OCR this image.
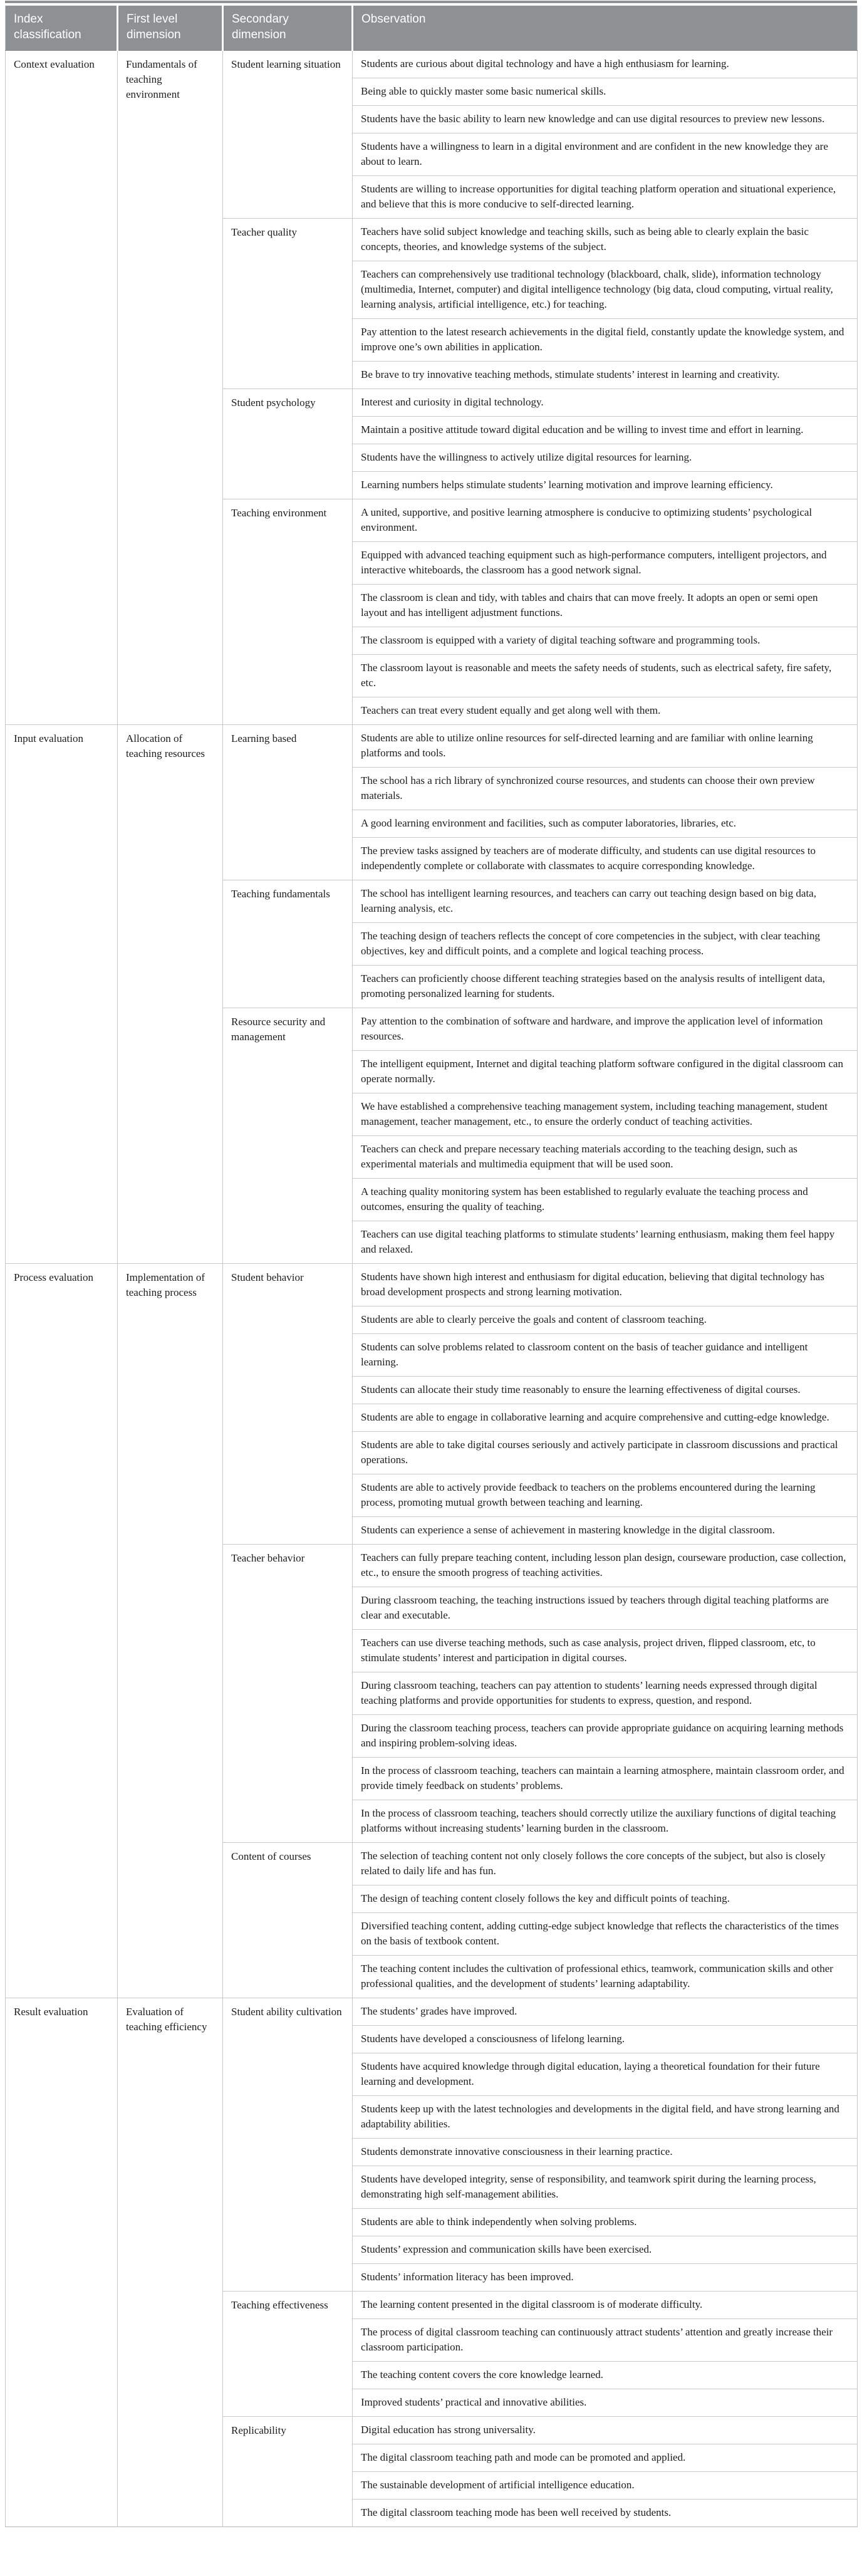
Index classification	First level dimension	Secondary dimension	Observation
Context evaluation	Fundamentals of teaching environment	Student learning situation	Students are curious about digital technology and have a high enthusiasm for learning.
			Being able to quickly master some basic numerical skills.
			Students have the basic ability to learn new knowledge and can use digital resources to preview new lessons.
			Students have a willingness to learn in a digital environment and are confident in the new knowledge they are about to learn.
			Students are willing to increase opportunities for digital teaching platform operation and situational experience, and believe that this is more conducive to self-directed learning.
		Teacher quality	Teachers have solid subject knowledge and teaching skills, such as being able to clearly explain the basic concepts, theories, and knowledge systems of the subject.
			Teachers can comprehensively use traditional technology (blackboard, chalk, slide), information technology (multimedia, Internet, computer) and digital intelligence technology (big data, cloud computing, virtual reality, learning analysis, artificial intelligence, etc.) for teaching.
			Pay attention to the latest research achievements in the digital field, constantly update the knowledge system, and improve one’s own abilities in application.
			Be brave to try innovative teaching methods, stimulate students’ interest in learning and creativity.
		Student psychology	Interest and curiosity in digital technology.
			Maintain a positive attitude toward digital education and be willing to invest time and effort in learning.
			Students have the willingness to actively utilize digital resources for learning.
			Learning numbers helps stimulate students’ learning motivation and improve learning efficiency.
		Teaching environment	A united, supportive, and positive learning atmosphere is conducive to optimizing students’ psychological environment.
			Equipped with advanced teaching equipment such as high-performance computers, intelligent projectors, and interactive whiteboards, the classroom has a good network signal.
			The classroom is clean and tidy, with tables and chairs that can move freely. It adopts an open or semi open layout and has intelligent adjustment functions.
			The classroom is equipped with a variety of digital teaching software and programming tools.
			The classroom layout is reasonable and meets the safety needs of students, such as electrical safety, fire safety, etc.
			Teachers can treat every student equally and get along well with them.
Input evaluation	Allocation of teaching resources	Learning based	Students are able to utilize online resources for self-directed learning and are familiar with online learning platforms and tools.
			The school has a rich library of synchronized course resources, and students can choose their own preview materials.
			A good learning environment and facilities, such as computer laboratories, libraries, etc.
			The preview tasks assigned by teachers are of moderate difficulty, and students can use digital resources to independently complete or collaborate with classmates to acquire corresponding knowledge.
		Teaching fundamentals	The school has intelligent learning resources, and teachers can carry out teaching design based on big data, learning analysis, etc.
			The teaching design of teachers reflects the concept of core competencies in the subject, with clear teaching objectives, key and difficult points, and a complete and logical teaching process.
			Teachers can proficiently choose different teaching strategies based on the analysis results of intelligent data, promoting personalized learning for students.
		Resource security and management	Pay attention to the combination of software and hardware, and improve the application level of information resources.
			The intelligent equipment, Internet and digital teaching platform software configured in the digital classroom can operate normally.
			We have established a comprehensive teaching management system, including teaching management, student management, teacher management, etc., to ensure the orderly conduct of teaching activities.
			Teachers can check and prepare necessary teaching materials according to the teaching design, such as experimental materials and multimedia equipment that will be used soon.
			A teaching quality monitoring system has been established to regularly evaluate the teaching process and outcomes, ensuring the quality of teaching.
			Teachers can use digital teaching platforms to stimulate students’ learning enthusiasm, making them feel happy and relaxed.
Process evaluation	Implementation of teaching process	Student behavior	Students have shown high interest and enthusiasm for digital education, believing that digital technology has broad development prospects and strong learning motivation.
			Students are able to clearly perceive the goals and content of classroom teaching.
			Students can solve problems related to classroom content on the basis of teacher guidance and intelligent learning.
			Students can allocate their study time reasonably to ensure the learning effectiveness of digital courses.
			Students are able to engage in collaborative learning and acquire comprehensive and cutting-edge knowledge.
			Students are able to take digital courses seriously and actively participate in classroom discussions and practical operations.
			Students are able to actively provide feedback to teachers on the problems encountered during the learning process, promoting mutual growth between teaching and learning.
			Students can experience a sense of achievement in mastering knowledge in the digital classroom.
		Teacher behavior	Teachers can fully prepare teaching content, including lesson plan design, courseware production, case collection, etc., to ensure the smooth progress of teaching activities.
			During classroom teaching, the teaching instructions issued by teachers through digital teaching platforms are clear and executable.
			Teachers can use diverse teaching methods, such as case analysis, project driven, flipped classroom, etc, to stimulate students’ interest and participation in digital courses.
			During classroom teaching, teachers can pay attention to students’ learning needs expressed through digital teaching platforms and provide opportunities for students to express, question, and respond.
			During the classroom teaching process, teachers can provide appropriate guidance on acquiring learning methods and inspiring problem-solving ideas.
			In the process of classroom teaching, teachers can maintain a learning atmosphere, maintain classroom order, and provide timely feedback on students’ problems.
			In the process of classroom teaching, teachers should correctly utilize the auxiliary functions of digital teaching platforms without increasing students’ learning burden in the classroom.
		Content of courses	The selection of teaching content not only closely follows the core concepts of the subject, but also is closely related to daily life and has fun.
			The design of teaching content closely follows the key and difficult points of teaching.
			Diversified teaching content, adding cutting-edge subject knowledge that reflects the characteristics of the times on the basis of textbook content.
			The teaching content includes the cultivation of professional ethics, teamwork, communication skills and other professional qualities, and the development of students’ learning adaptability.
Result evaluation	Evaluation of teaching efficiency	Student ability cultivation	The students’ grades have improved.
			Students have developed a consciousness of lifelong learning.
			Students have acquired knowledge through digital education, laying a theoretical foundation for their future learning and development.
			Students keep up with the latest technologies and developments in the digital field, and have strong learning and adaptability abilities.
			Students demonstrate innovative consciousness in their learning practice.
			Students have developed integrity, sense of responsibility, and teamwork spirit during the learning process, demonstrating high self-management abilities.
			Students are able to think independently when solving problems.
			Students’ expression and communication skills have been exercised.
			Students’ information literacy has been improved.
		Teaching effectiveness	The learning content presented in the digital classroom is of moderate difficulty.
			The process of digital classroom teaching can continuously attract students’ attention and greatly increase their classroom participation.
			The teaching content covers the core knowledge learned.
			Improved students’ practical and innovative abilities.
		Replicability	Digital education has strong universality.
			The digital classroom teaching path and mode can be promoted and applied.
			The sustainable development of artificial intelligence education.
			The digital classroom teaching mode has been well received by students.
